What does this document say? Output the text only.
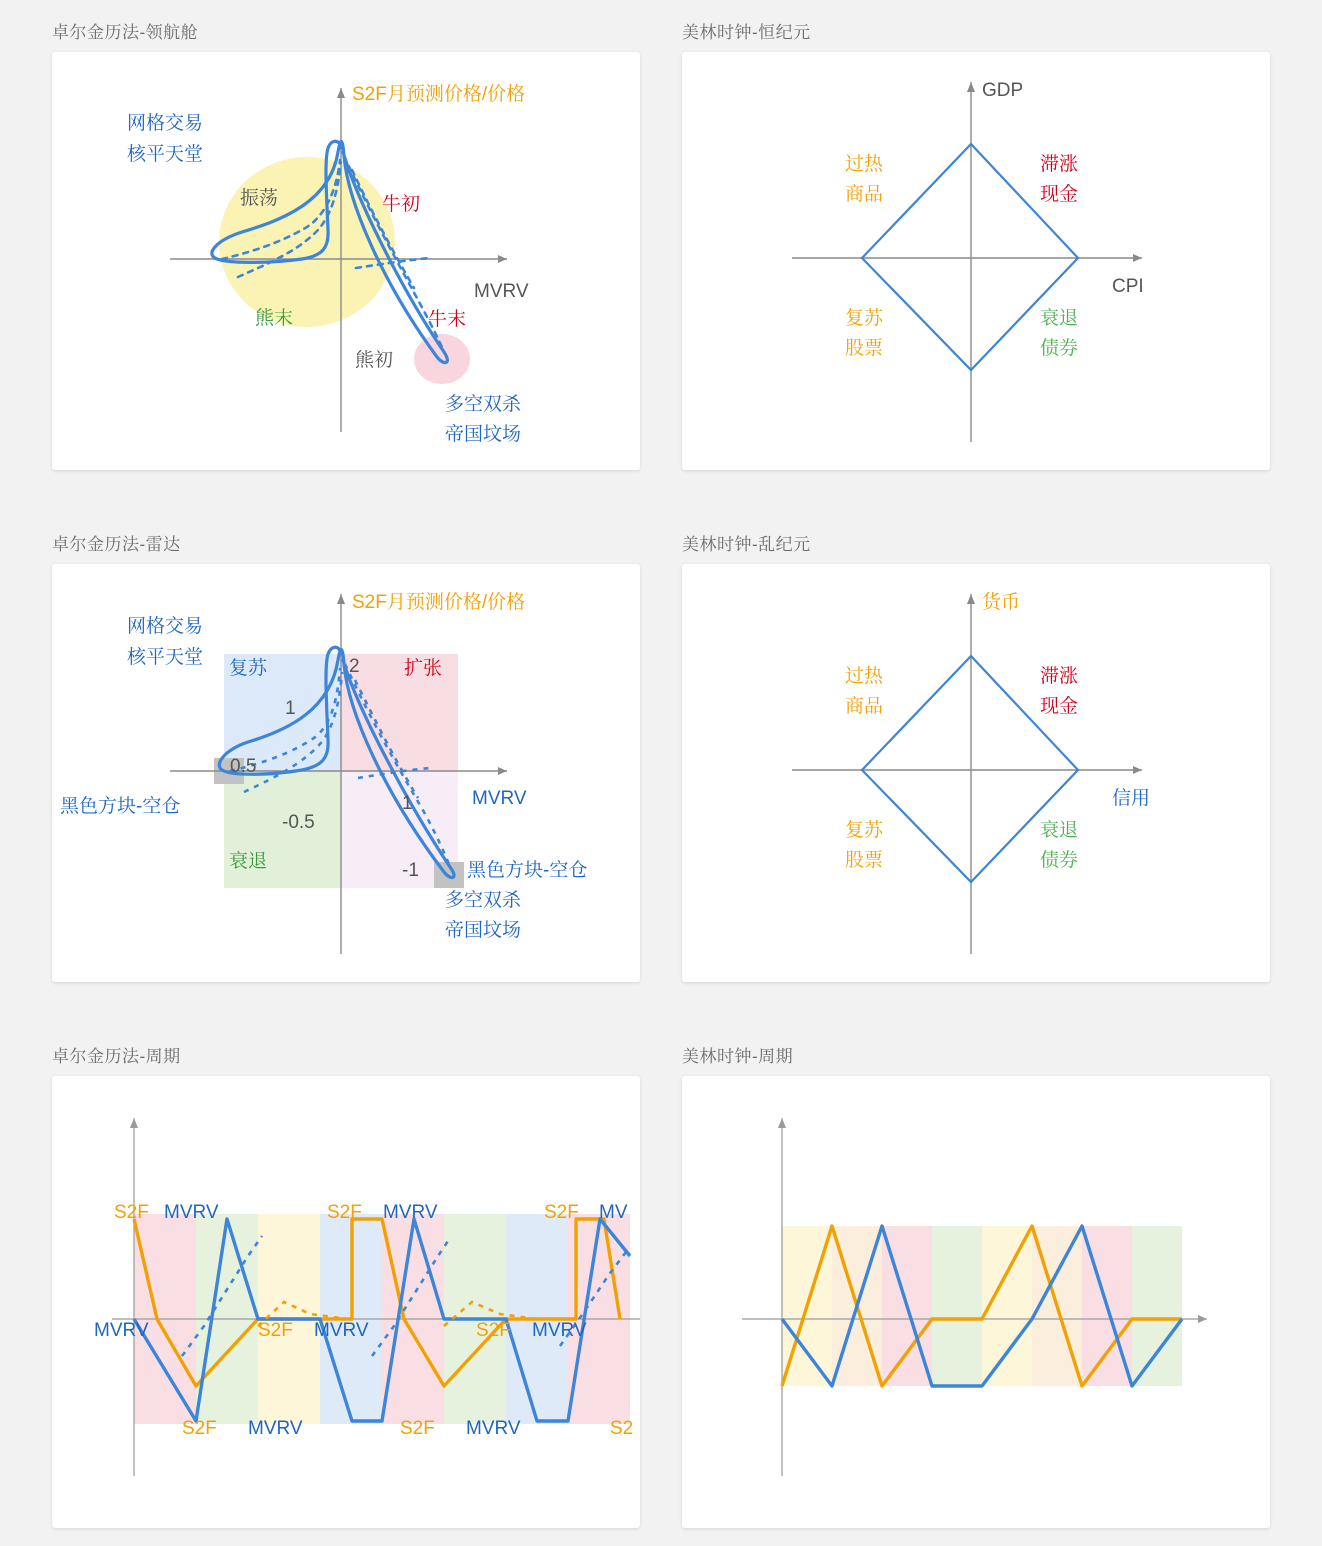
卓尔金历法-领航舱
S2F月预测价格/价格
MVRV
网格交易
核平天堂
振荡	牛初
熊末	牛末
熊初
多空双杀
帝国坟场
美林时钟-恒纪元
GDP
CPI
过热
商品
滞涨
现金
复苏
股票
衰退
债券
卓尔金历法-雷达
S2F月预测价格/价格
MVRV
网格交易
核平天堂
复苏	扩张
衰退
2
1
0.5
-0.5
1
-1
黑色方块-空仓
黑色方块-空仓
多空双杀
帝国坟场
美林时钟-乱纪元
货币
信用
过热
商品
滞涨
现金
复苏
股票
衰退
债券
卓尔金历法-周期
S2F MVRV	S2F MVRV	S2F MV
MVRV	S2F MVRV	S2F MVRV
S2F MVRV	S2F MVRV	S2
美林时钟-周期
